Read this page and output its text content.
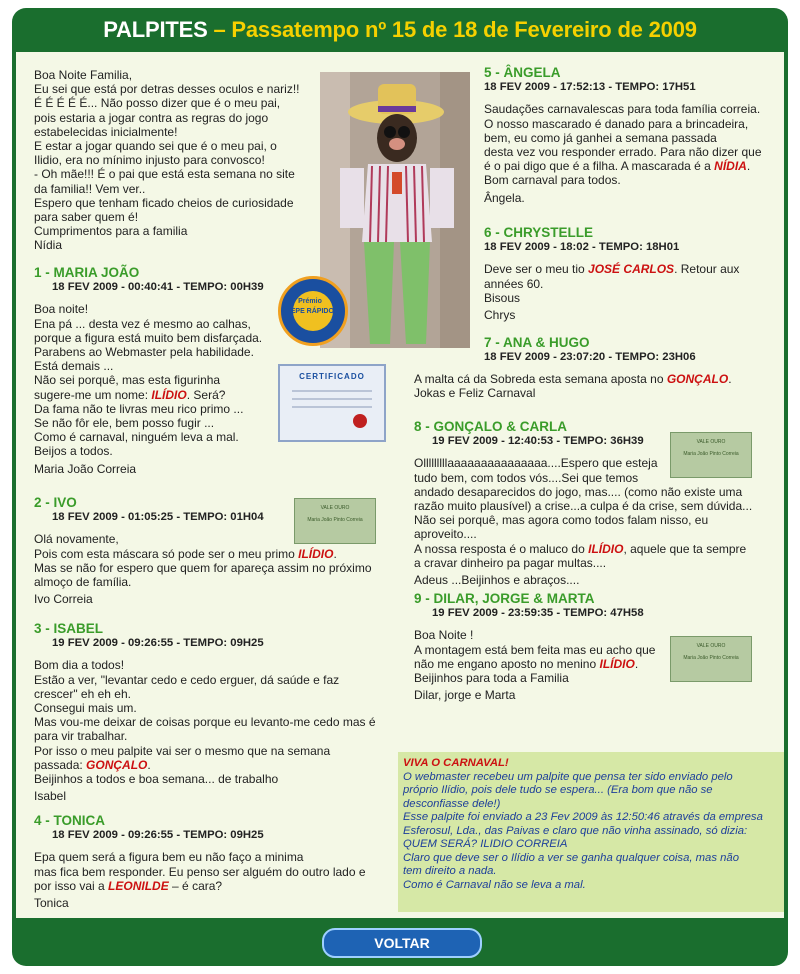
PALPITES – Passatempo nº 15 de 18 de Fevereiro de 2009
Prémio
PEPE RÁPIDO
CERTIFICADO
VALE OURO
Maria João Pinto Correia
VALE OURO
Maria João Pinto Correia
VALE OURO
Maria João Pinto Correia

Boa Noite Familia,

Eu sei que está por detras desses oculos e nariz!!

É É É É É... Não posso dizer que é o meu pai,

pois estaria a jogar contra as regras do jogo

estabelecidas inicialmente!

E estar a jogar quando sei que é o meu pai, o

Ilidio, era no mínimo injusto para convosco!

- Oh mãe!!! É o pai que está esta semana no site

da familia!! Vem ver..

Espero que tenham ficado cheios de curiosidade

para saber quem é!

Cumprimentos para a familia

Nídia

1 - MARIA JOÃO

18 FEV 2009 - 00:40:41 - TEMPO: 00H39

Boa noite!

Ena pá ... desta vez é mesmo ao calhas,

porque a figura está muito bem disfarçada.

Parabens ao Webmaster pela habilidade.

Está demais ...

Não sei porquê, mas esta figurinha

sugere-me um nome: ILÍDIO. Será?

Da fama não te livras meu rico primo ...

Se não fôr ele, bem posso fugir ...

Como é carnaval, ninguém leva a mal.

Beijos a todos.

Maria João Correia

2 - IVO

18 FEV 2009 - 01:05:25 - TEMPO: 01H04

Olá novamente,

Pois com esta máscara só pode ser o meu primo ILÍDIO.

Mas se não for espero que quem for apareça assim no próximo

almoço de família.

Ivo Correia

3 - ISABEL

19 FEV 2009 - 09:26:55 - TEMPO: 09H25

Bom dia a todos!

Estão a ver, "levantar cedo e cedo erguer, dá saúde e faz

crescer" eh eh eh.

Consegui mais um.

Mas vou-me deixar de coisas porque eu levanto-me cedo mas é

para vir trabalhar.

Por isso o meu palpite vai ser o mesmo que na semana

passada: GONÇALO.

Beijinhos a todos e boa semana... de trabalho

Isabel

4 - TONICA

18 FEV 2009 - 09:26:55 - TEMPO: 09H25

Epa quem será a figura bem eu não faço a minima

mas fica bem responder. Eu penso ser alguém do outro lado e

por isso vai a LEONILDE – é cara?

Tonica

5 - ÂNGELA

18 FEV 2009 - 17:52:13 - TEMPO: 17H51

Saudações carnavalescas para toda família correia.

O nosso mascarado é danado para a brincadeira,

bem, eu como já ganhei a semana passada

desta vez vou responder errado. Para não dizer que

é o pai digo que é a filha. A mascarada é a NÍDIA.

Bom carnaval para todos.

Ângela.

6 - CHRYSTELLE

18 FEV 2009 - 18:02 - TEMPO: 18H01

Deve ser o meu tio JOSÉ CARLOS. Retour aux

années 60.

Bisous

Chrys

7 - ANA & HUGO

18 FEV 2009 - 23:07:20 - TEMPO: 23H06

A malta cá da Sobreda esta semana aposta no GONÇALO.

Jokas e Feliz Carnaval

8 - GONÇALO & CARLA

19 FEV 2009 - 12:40:53 - TEMPO: 36H39

Olllllllllaaaaaaaaaaaaaaa....Espero que esteja

tudo bem, com todos vós....Sei que temos

andado desaparecidos do jogo, mas.... (como não existe uma

razão muito plausível) a crise...a culpa é da crise, sem dúvida...

Não sei porquê, mas agora como todos falam nisso, eu

aproveito....

A nossa resposta é o maluco do ILÍDIO, aquele que ta sempre

a cravar dinheiro pa pagar multas....

Adeus ...Beijinhos e abraços....

9 - DILAR, JORGE & MARTA

19 FEV 2009 - 23:59:35 - TEMPO: 47H58

Boa Noite !

A montagem está bem feita mas eu acho que

não me engano aposto no menino ILÍDIO.

Beijinhos para toda a Familia

Dilar, jorge e Marta

VIVA O CARNAVAL!

O webmaster recebeu um palpite que pensa ter sido enviado pelo

próprio Ilídio, pois dele tudo se espera... (Era bom que não se

desconfiasse dele!)

Esse palpite foi enviado a 23 Fev 2009 às 12:50:46 através da empresa

Esferosul, Lda., das Paivas e claro que não vinha assinado, só dizia:

QUEM SERÁ? ILIDIO CORREIA

Claro que deve ser o Ilídio a ver se ganha qualquer coisa, mas não

tem direito a nada.

Como é Carnaval não se leva a mal.

VOLTAR
